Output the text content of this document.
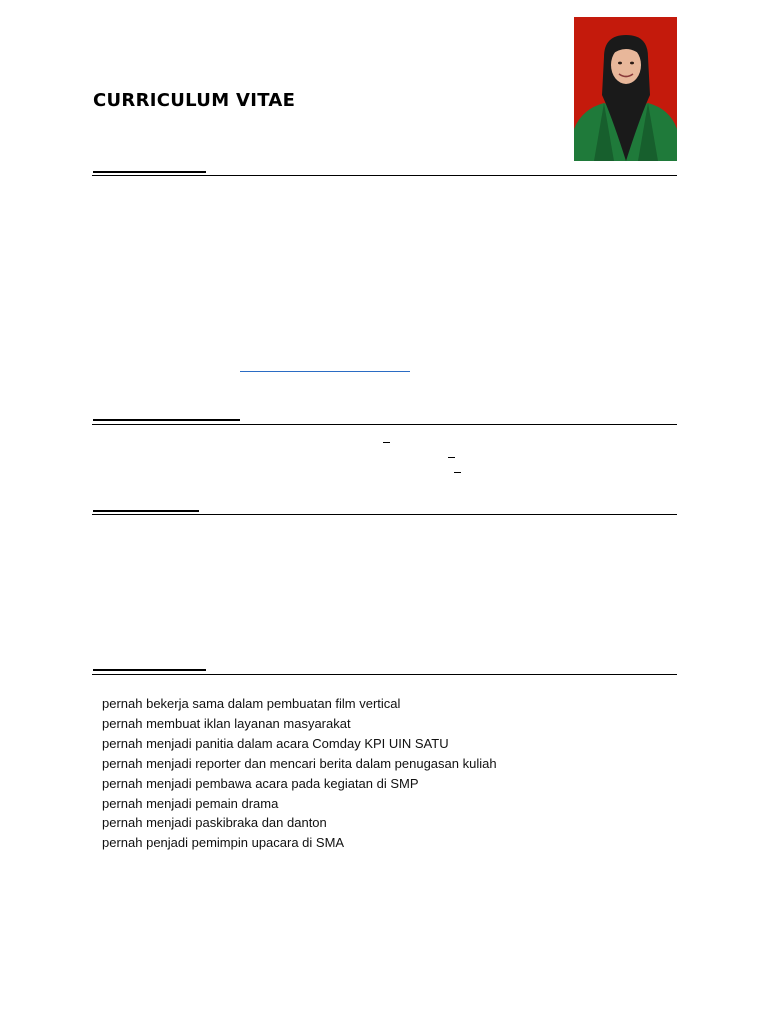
CURRICULUM VITAE
pernah bekerja sama dalam pembuatan film vertical
pernah membuat iklan layanan masyarakat
pernah menjadi panitia dalam acara Comday KPI UIN SATU
pernah menjadi reporter dan mencari berita dalam penugasan kuliah
pernah menjadi pembawa acara pada kegiatan di SMP
pernah menjadi pemain drama
pernah menjadi paskibraka dan danton
pernah penjadi pemimpin upacara di SMA
